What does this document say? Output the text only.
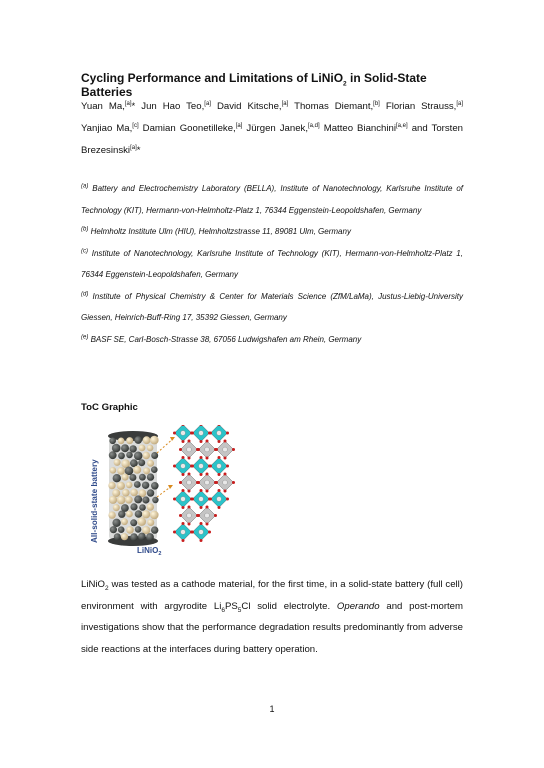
Cycling Performance and Limitations of LiNiO$_2$ in Solid-State Batteries
Yuan Ma,[a]* Jun Hao Teo,[a] David Kitsche,[a] Thomas Diemant,[b] Florian Strauss,[a] Yanjiao Ma,[c] Damian Goonetilleke,[a] Jürgen Janek,[a,d] Matteo Bianchini[a,e] and Torsten Brezesinski[a]*

$^{(a)}$ Battery and Electrochemistry Laboratory (BELLA), Institute of Nanotechnology, Karlsruhe Institute of Technology (KIT), Hermann-von-Helmholtz-Platz 1, 76344 Eggenstein-Leopoldshafen, Germany

$^{(b)}$ Helmholtz Institute Ulm (HIU), Helmholtzstrasse 11, 89081 Ulm, Germany

$^{(c)}$ Institute of Nanotechnology, Karlsruhe Institute of Technology (KIT), Hermann-von-Helmholtz-Platz 1, 76344 Eggenstein-Leopoldshafen, Germany

$^{(d)}$ Institute of Physical Chemistry & Center for Materials Science (ZfM/LaMa), Justus-Liebig-University Giessen, Heinrich-Buff-Ring 17, 35392 Giessen, Germany

$^{(e)}$ BASF SE, Carl-Bosch-Strasse 38, 67056 Ludwigshafen am Rhein, Germany

ToC Graphic
All-solid-state battery
LiNiO$_2$
LiNiO$_2$ was tested as a cathode material, for the first time, in a solid-state battery (full cell) environment with argyrodite $Li_6PS_5Cl$ solid electrolyte. Operando and post-mortem investigations show that the performance degradation results predominantly from adverse side reactions at the interfaces during battery operation.
1
